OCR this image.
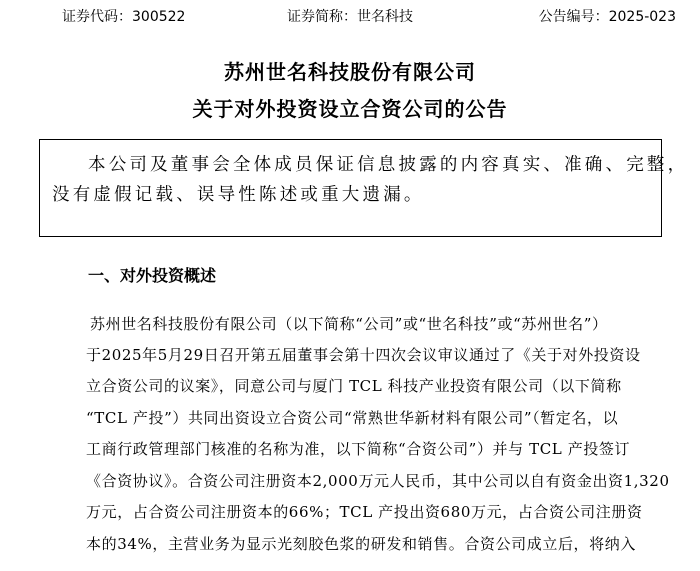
证券代码：300522	证券简称：世名科技	公告编号：2025-023
苏州世名科技股份有限公司
关于对外投资设立合资公司的公告
本公司及董事会全体成员保证信息披露的内容真实、准确、完整，
没有虚假记载、误导性陈述或重大遗漏。
一、对外投资概述
苏州世名科技股份有限公司（以下简称“公司”或“世名科技”或“苏州世名”）
于2025年5月29日召开第五届董事会第十四次会议审议通过了《关于对外投资设
立合资公司的议案》，同意公司与厦门 TCL 科技产业投资有限公司（以下简称
“TCL 产投”）共同出资设立合资公司“常熟世华新材料有限公司”（暂定名，以
工商行政管理部门核准的名称为准，以下简称“合资公司”）并与 TCL 产投签订
《合资协议》。合资公司注册资本2,000万元人民币，其中公司以自有资金出资1,320
万元，占合资公司注册资本的66%；TCL 产投出资680万元，占合资公司注册资
本的34%，主营业务为显示光刻胶色浆的研发和销售。合资公司成立后，将纳入
